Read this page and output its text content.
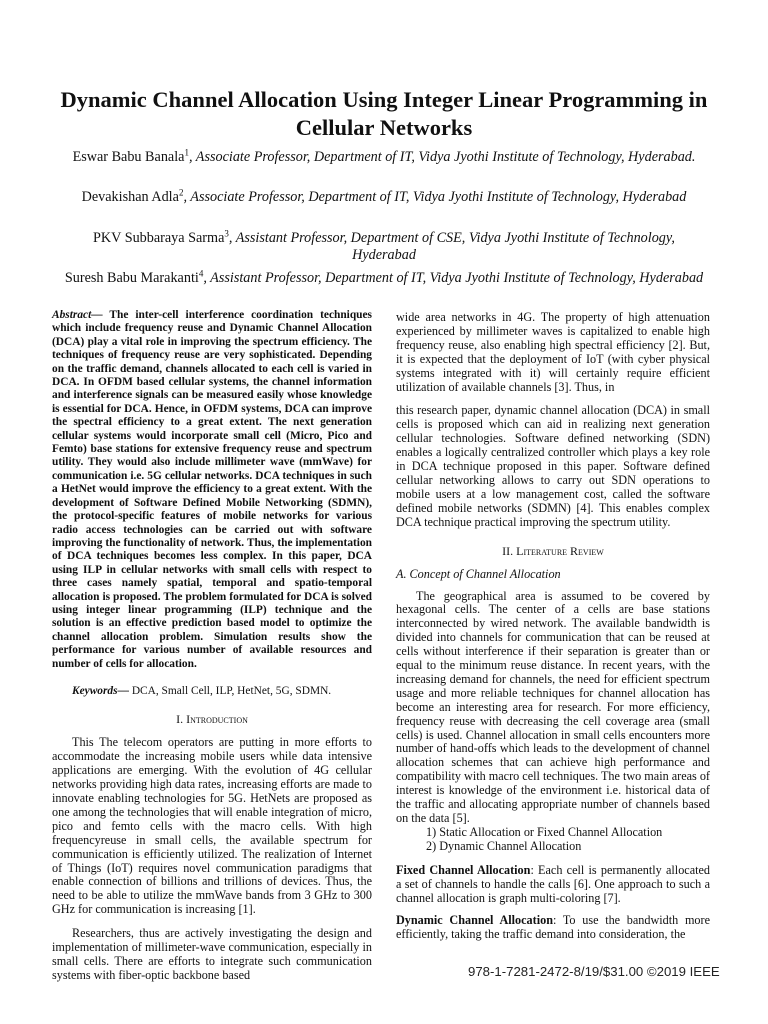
Dynamic Channel Allocation Using Integer Linear Programming in Cellular Networks
Eswar Babu Banala$^1$, Associate Professor, Department of IT, Vidya Jyothi Institute of Technology, Hyderabad.
Devakishan Adla$^2$, Associate Professor, Department of IT, Vidya Jyothi Institute of Technology, Hyderabad
PKV Subbaraya Sarma$^3$, Assistant Professor, Department of CSE, Vidya Jyothi Institute of Technology, Hyderabad
Suresh Babu Marakanti$^4$, Assistant Professor, Department of IT, Vidya Jyothi Institute of Technology, Hyderabad

Abstract— The inter-cell interference coordination techniques which include frequency reuse and Dynamic Channel Allocation (DCA) play a vital role in improving the spectrum efficiency. The techniques of frequency reuse are very sophisticated. Depending on the traffic demand, channels allocated to each cell is varied in DCA. In OFDM based cellular systems, the channel information and interference signals can be measured easily whose knowledge is essential for DCA. Hence, in OFDM systems, DCA can improve the spectral efficiency to a great extent. The next generation cellular systems would incorporate small cell (Micro, Pico and Femto) base stations for extensive frequency reuse and spectrum utility. They would also include millimeter wave (mmWave) for communication i.e. 5G cellular networks. DCA techniques in such a HetNet would improve the efficiency to a great extent. With the development of Software Defined Mobile Networking (SDMN), the protocol-specific features of mobile networks for various radio access technologies can be carried out with software improving the functionality of network. Thus, the implementation of DCA techniques becomes less complex. In this paper, DCA using ILP in cellular networks with small cells with respect to three cases namely spatial, temporal and spatio-temporal allocation is proposed. The problem formulated for DCA is solved using integer linear programming (ILP) technique and the solution is an effective prediction based model to optimize the channel allocation problem. Simulation results show the performance for various number of available resources and number of cells for allocation.

Keywords— DCA, Small Cell, ILP, HetNet, 5G, SDMN.

I. Introduction

This The telecom operators are putting in more efforts to accommodate the increasing mobile users while data intensive applications are emerging. With the evolution of 4G cellular networks providing high data rates, increasing efforts are made to innovate enabling technologies for 5G. HetNets are proposed as one among the technologies that will enable integration of micro, pico and femto cells with the macro cells. With high frequencyreuse in small cells, the available spectrum for communication is efficiently utilized. The realization of Internet of Things (IoT) requires novel communication paradigms that enable connection of billions and trillions of devices. Thus, the need to be able to utilize the mmWave bands from 3 GHz to 300 GHz for communication is increasing [1].

Researchers, thus are actively investigating the design and implementation of millimeter-wave communication, especially in small cells. There are efforts to integrate such communication systems with fiber-optic backbone based

wide area networks in 4G. The property of high attenuation experienced by millimeter waves is capitalized to enable high frequency reuse, also enabling high spectral efficiency [2]. But, it is expected that the deployment of IoT (with cyber physical systems integrated with it) will certainly require efficient utilization of available channels [3]. Thus, in

this research paper, dynamic channel allocation (DCA) in small cells is proposed which can aid in realizing next generation cellular technologies. Software defined networking (SDN) enables a logically centralized controller which plays a key role in DCA technique proposed in this paper. Software defined cellular networking allows to carry out SDN operations to mobile users at a low management cost, called the software defined mobile networks (SDMN) [4]. This enables complex DCA technique practical improving the spectrum utility.

II. Literature Review

A. Concept of Channel Allocation

The geographical area is assumed to be covered by hexagonal cells. The center of a cells are base stations interconnected by wired network. The available bandwidth is divided into channels for communication that can be reused at cells without interference if their separation is greater than or equal to the minimum reuse distance. In recent years, with the increasing demand for channels, the need for efficient spectrum usage and more reliable techniques for channel allocation has become an interesting area for research. For more efficiency, frequency reuse with decreasing the cell coverage area (small cells) is used. Channel allocation in small cells encounters more number of hand-offs which leads to the development of channel allocation schemes that can achieve high performance and compatibility with macro cell techniques. The two main areas of interest is knowledge of the environment i.e. historical data of the traffic and allocating appropriate number of channels based on the data [5].

1) Static Allocation or Fixed Channel Allocation
2) Dynamic Channel Allocation

Fixed Channel Allocation: Each cell is permanently allocated a set of channels to handle the calls [6]. One approach to such a channel allocation is graph multi-coloring [7].

Dynamic Channel Allocation: To use the bandwidth more efficiently, taking the traffic demand into consideration, the

978-1-7281-2472-8/19/$31.00 ©2019 IEEE
